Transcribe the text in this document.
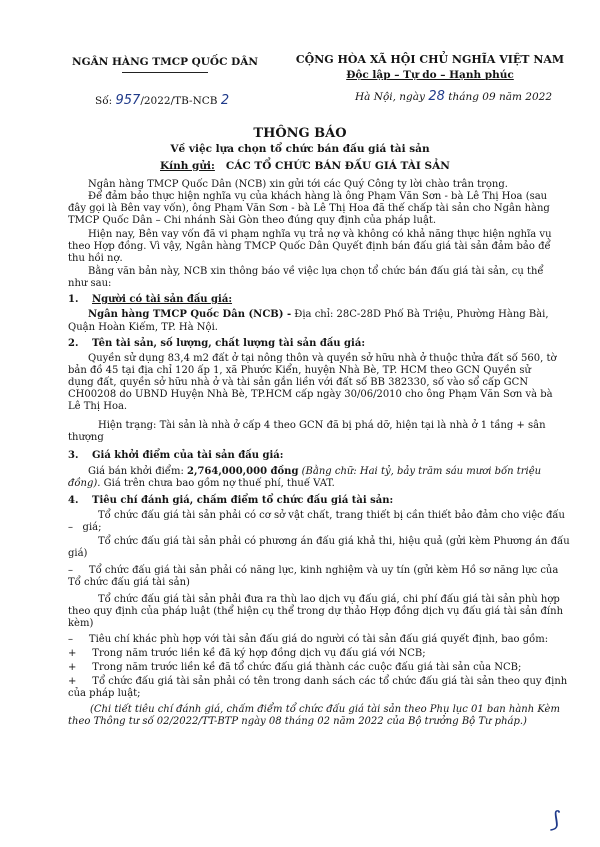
NGÂN HÀNG TMCP QUỐC DÂN	CỘNG HÒA XÃ HỘI CHỦ NGHĨA VIỆT NAM
Độc lập – Tự do – Hạnh phúc
Số: 957/2022/TB-NCB 2	Hà Nội, ngày 28 tháng 09 năm 2022
THÔNG BÁO
Về việc lựa chọn tổ chức bán đấu giá tài sản
Kính gửi: CÁC TỔ CHỨC BÁN ĐẤU GIÁ TÀI SẢN
Ngân hàng TMCP Quốc Dân (NCB) xin gửi tới các Quý Công ty lời chào trân trọng.
Để đảm bảo thực hiện nghĩa vụ của khách hàng là ông Phạm Văn Sơn - bà Lê Thị Hoa (sau
đây gọi là Bên vay vốn), ông Phạm Văn Sơn - bà Lê Thị Hoa đã thế chấp tài sản cho Ngân hàng
TMCP Quốc Dân – Chi nhánh Sài Gòn theo đúng quy định của pháp luật.
Hiện nay, Bên vay vốn đã vi phạm nghĩa vụ trả nợ và không có khả năng thực hiện nghĩa vụ
theo Hợp đồng. Vì vậy, Ngân hàng TMCP Quốc Dân Quyết định bán đấu giá tài sản đảm bảo để
thu hồi nợ.
Bằng văn bản này, NCB xin thông báo về việc lựa chọn tổ chức bán đấu giá tài sản, cụ thể
như sau:
1. Người có tài sản đấu giá:
Ngân hàng TMCP Quốc Dân (NCB) - Địa chỉ: 28C-28D Phố Bà Triệu, Phường Hàng Bài,
Quận Hoàn Kiếm, TP. Hà Nội.
2. Tên tài sản, số lượng, chất lượng tài sản đấu giá:
Quyền sử dụng 83,4 m2 đất ở tại nông thôn và quyền sở hữu nhà ở thuộc thửa đất số 560, tờ
bản đồ 45 tại địa chỉ 120 ấp 1, xã Phước Kiển, huyện Nhà Bè, TP. HCM theo GCN Quyền sử
dụng đất, quyền sở hữu nhà ở và tài sản gắn liền với đất số BB 382330, số vào sổ cấp GCN
CH00208 do UBND Huyện Nhà Bè, TP.HCM cấp ngày 30/06/2010 cho ông Phạm Văn Sơn và bà
Lê Thị Hoa.
Hiện trạng: Tài sản là nhà ở cấp 4 theo GCN đã bị phá dỡ, hiện tại là nhà ở 1 tầng + sân
thượng
3. Giá khởi điểm của tài sản đấu giá:
Giá bán khởi điểm: 2,764,000,000 đồng (Bằng chữ: Hai tỷ, bảy trăm sáu mươi bốn triệu
đồng). Giá trên chưa bao gồm nợ thuế phí, thuế VAT.
4. Tiêu chí đánh giá, chấm điểm tổ chức đấu giá tài sản:
Tổ chức đấu giá tài sản phải có cơ sở vật chất, trang thiết bị cần thiết bảo đảm cho việc đấu
– giá;
Tổ chức đấu giá tài sản phải có phương án đấu giá khả thi, hiệu quả (gửi kèm Phương án đấu
giá)
– Tổ chức đấu giá tài sản phải có năng lực, kinh nghiệm và uy tín (gửi kèm Hồ sơ năng lực của
Tổ chức đấu giá tài sản)
Tổ chức đấu giá tài sản phải đưa ra thù lao dịch vụ đấu giá, chi phí đấu giá tài sản phù hợp
theo quy định của pháp luật (thể hiện cụ thể trong dự thảo Hợp đồng dịch vụ đấu giá tài sản đính
kèm)
– Tiêu chí khác phù hợp với tài sản đấu giá do người có tài sản đấu giá quyết định, bao gồm:
+ Trong năm trước liền kề đã ký hợp đồng dịch vụ đấu giá với NCB;
+ Trong năm trước liền kề đã tổ chức đấu giá thành các cuộc đấu giá tài sản của NCB;
+ Tổ chức đấu giá tài sản phải có tên trong danh sách các tổ chức đấu giá tài sản theo quy định
của pháp luật;
(Chi tiết tiêu chí đánh giá, chấm điểm tổ chức đấu giá tài sản theo Phụ lục 01 ban hành Kèm
theo Thông tư số 02/2022/TT-BTP ngày 08 tháng 02 năm 2022 của Bộ trưởng Bộ Tư pháp.)
⟆
